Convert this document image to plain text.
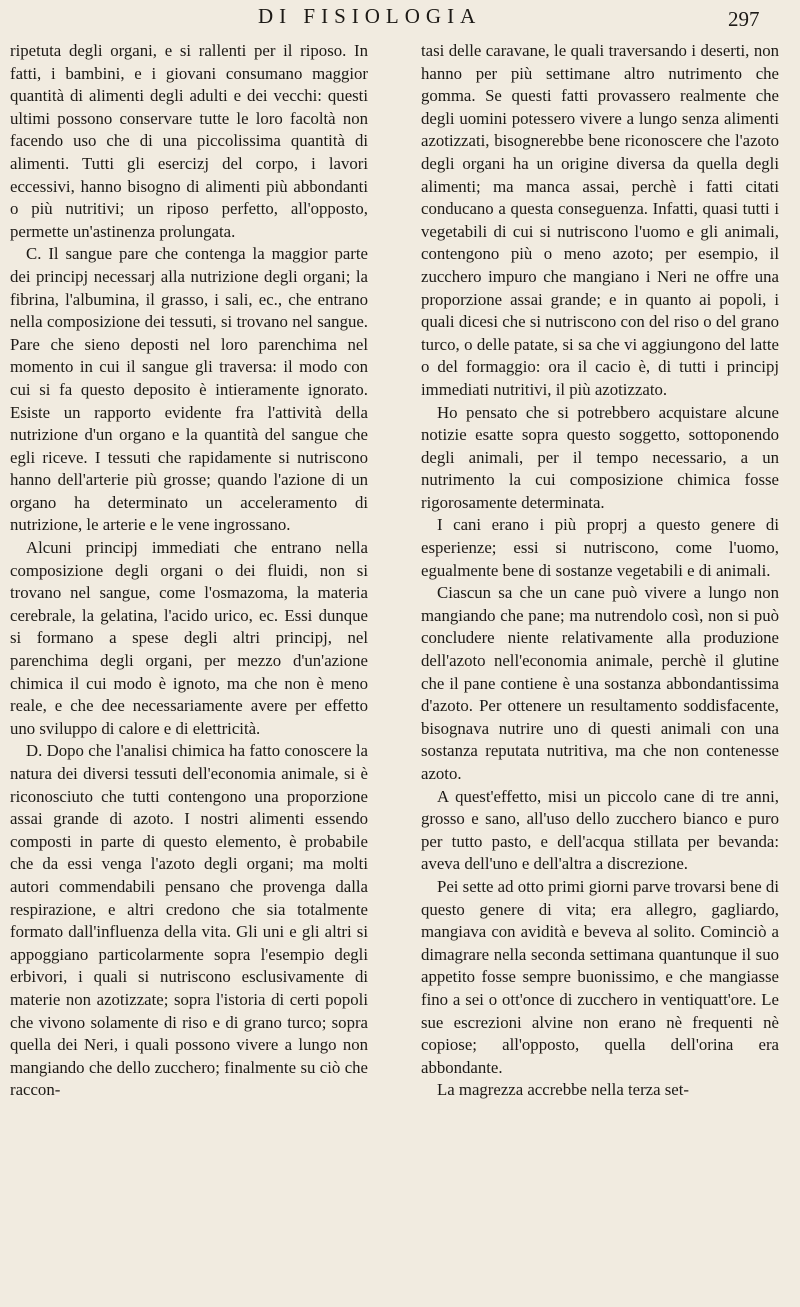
DI FISIOLOGIA	297

ripetuta degli organi, e si rallenti per il riposo. In fatti, i bambini, e i giovani consumano maggior quantità di alimenti degli adulti e dei vecchi: questi ultimi possono conservare tutte le loro facoltà non facendo uso che di una piccolissima quantità di alimenti. Tutti gli esercizj del corpo, i lavori eccessivi, hanno bisogno di alimenti più abbondanti o più nutritivi; un riposo perfetto, all'opposto, permette un'astinenza prolungata.

C. Il sangue pare che contenga la maggior parte dei principj necessarj alla nutrizione degli organi; la fibrina, l'albumina, il grasso, i sali, ec., che entrano nella composizione dei tessuti, si trovano nel sangue. Pare che sieno deposti nel loro parenchima nel momento in cui il sangue gli traversa: il modo con cui si fa questo deposito è intieramente ignorato. Esiste un rapporto evidente fra l'attività della nutrizione d'un organo e la quantità del sangue che egli riceve. I tessuti che rapidamente si nutriscono hanno dell'arterie più grosse; quando l'azione di un organo ha determinato un acceleramento di nutrizione, le arterie e le vene ingrossano.

Alcuni principj immediati che entrano nella composizione degli organi o dei fluidi, non si trovano nel sangue, come l'osmazoma, la materia cerebrale, la gelatina, l'acido urico, ec. Essi dunque si formano a spese degli altri principj, nel parenchima degli organi, per mezzo d'un'azione chimica il cui modo è ignoto, ma che non è meno reale, e che dee necessariamente avere per effetto uno sviluppo di calore e di elettricità.

D. Dopo che l'analisi chimica ha fatto conoscere la natura dei diversi tessuti dell'economia animale, si è riconosciuto che tutti contengono una proporzione assai grande di azoto. I nostri alimenti essendo composti in parte di questo elemento, è probabile che da essi venga l'azoto degli organi; ma molti autori commendabili pensano che provenga dalla respirazione, e altri credono che sia totalmente formato dall'influenza della vita. Gli uni e gli altri si appoggiano particolarmente sopra l'esempio degli erbivori, i quali si nutriscono esclusivamente di materie non azotizzate; sopra l'istoria di certi popoli che vivono solamente di riso e di grano turco; sopra quella dei Neri, i quali possono vivere a lungo non mangiando che dello zucchero; finalmente su ciò che raccon-

tasi delle caravane, le quali traversando i deserti, non hanno per più settimane altro nutrimento che gomma. Se questi fatti provassero realmente che degli uomini potessero vivere a lungo senza alimenti azotizzati, bisognerebbe bene riconoscere che l'azoto degli organi ha un origine diversa da quella degli alimenti; ma manca assai, perchè i fatti citati conducano a questa conseguenza. Infatti, quasi tutti i vegetabili di cui si nutriscono l'uomo e gli animali, contengono più o meno azoto; per esempio, il zucchero impuro che mangiano i Neri ne offre una proporzione assai grande; e in quanto ai popoli, i quali dicesi che si nutriscono con del riso o del grano turco, o delle patate, si sa che vi aggiungono del latte o del formaggio: ora il cacio è, di tutti i principj immediati nutritivi, il più azotizzato.

Ho pensato che si potrebbero acquistare alcune notizie esatte sopra questo soggetto, sottoponendo degli animali, per il tempo necessario, a un nutrimento la cui composizione chimica fosse rigorosamente determinata.

I cani erano i più proprj a questo genere di esperienze; essi si nutriscono, come l'uomo, egualmente bene di sostanze vegetabili e di animali.

Ciascun sa che un cane può vivere a lungo non mangiando che pane; ma nutrendolo così, non si può concludere niente relativamente alla produzione dell'azoto nell'economia animale, perchè il glutine che il pane contiene è una sostanza abbondantissima d'azoto. Per ottenere un resultamento soddisfacente, bisognava nutrire uno di questi animali con una sostanza reputata nutritiva, ma che non contenesse azoto.

A quest'effetto, misi un piccolo cane di tre anni, grosso e sano, all'uso dello zucchero bianco e puro per tutto pasto, e dell'acqua stillata per bevanda: aveva dell'uno e dell'altra a discrezione.

Pei sette ad otto primi giorni parve trovarsi bene di questo genere di vita; era allegro, gagliardo, mangiava con avidità e beveva al solito. Cominciò a dimagrare nella seconda settimana quantunque il suo appetito fosse sempre buonissimo, e che mangiasse fino a sei o ott'once di zucchero in ventiquatt'ore. Le sue escrezioni alvine non erano nè frequenti nè copiose; all'opposto, quella dell'orina era abbondante.

La magrezza accrebbe nella terza set-
